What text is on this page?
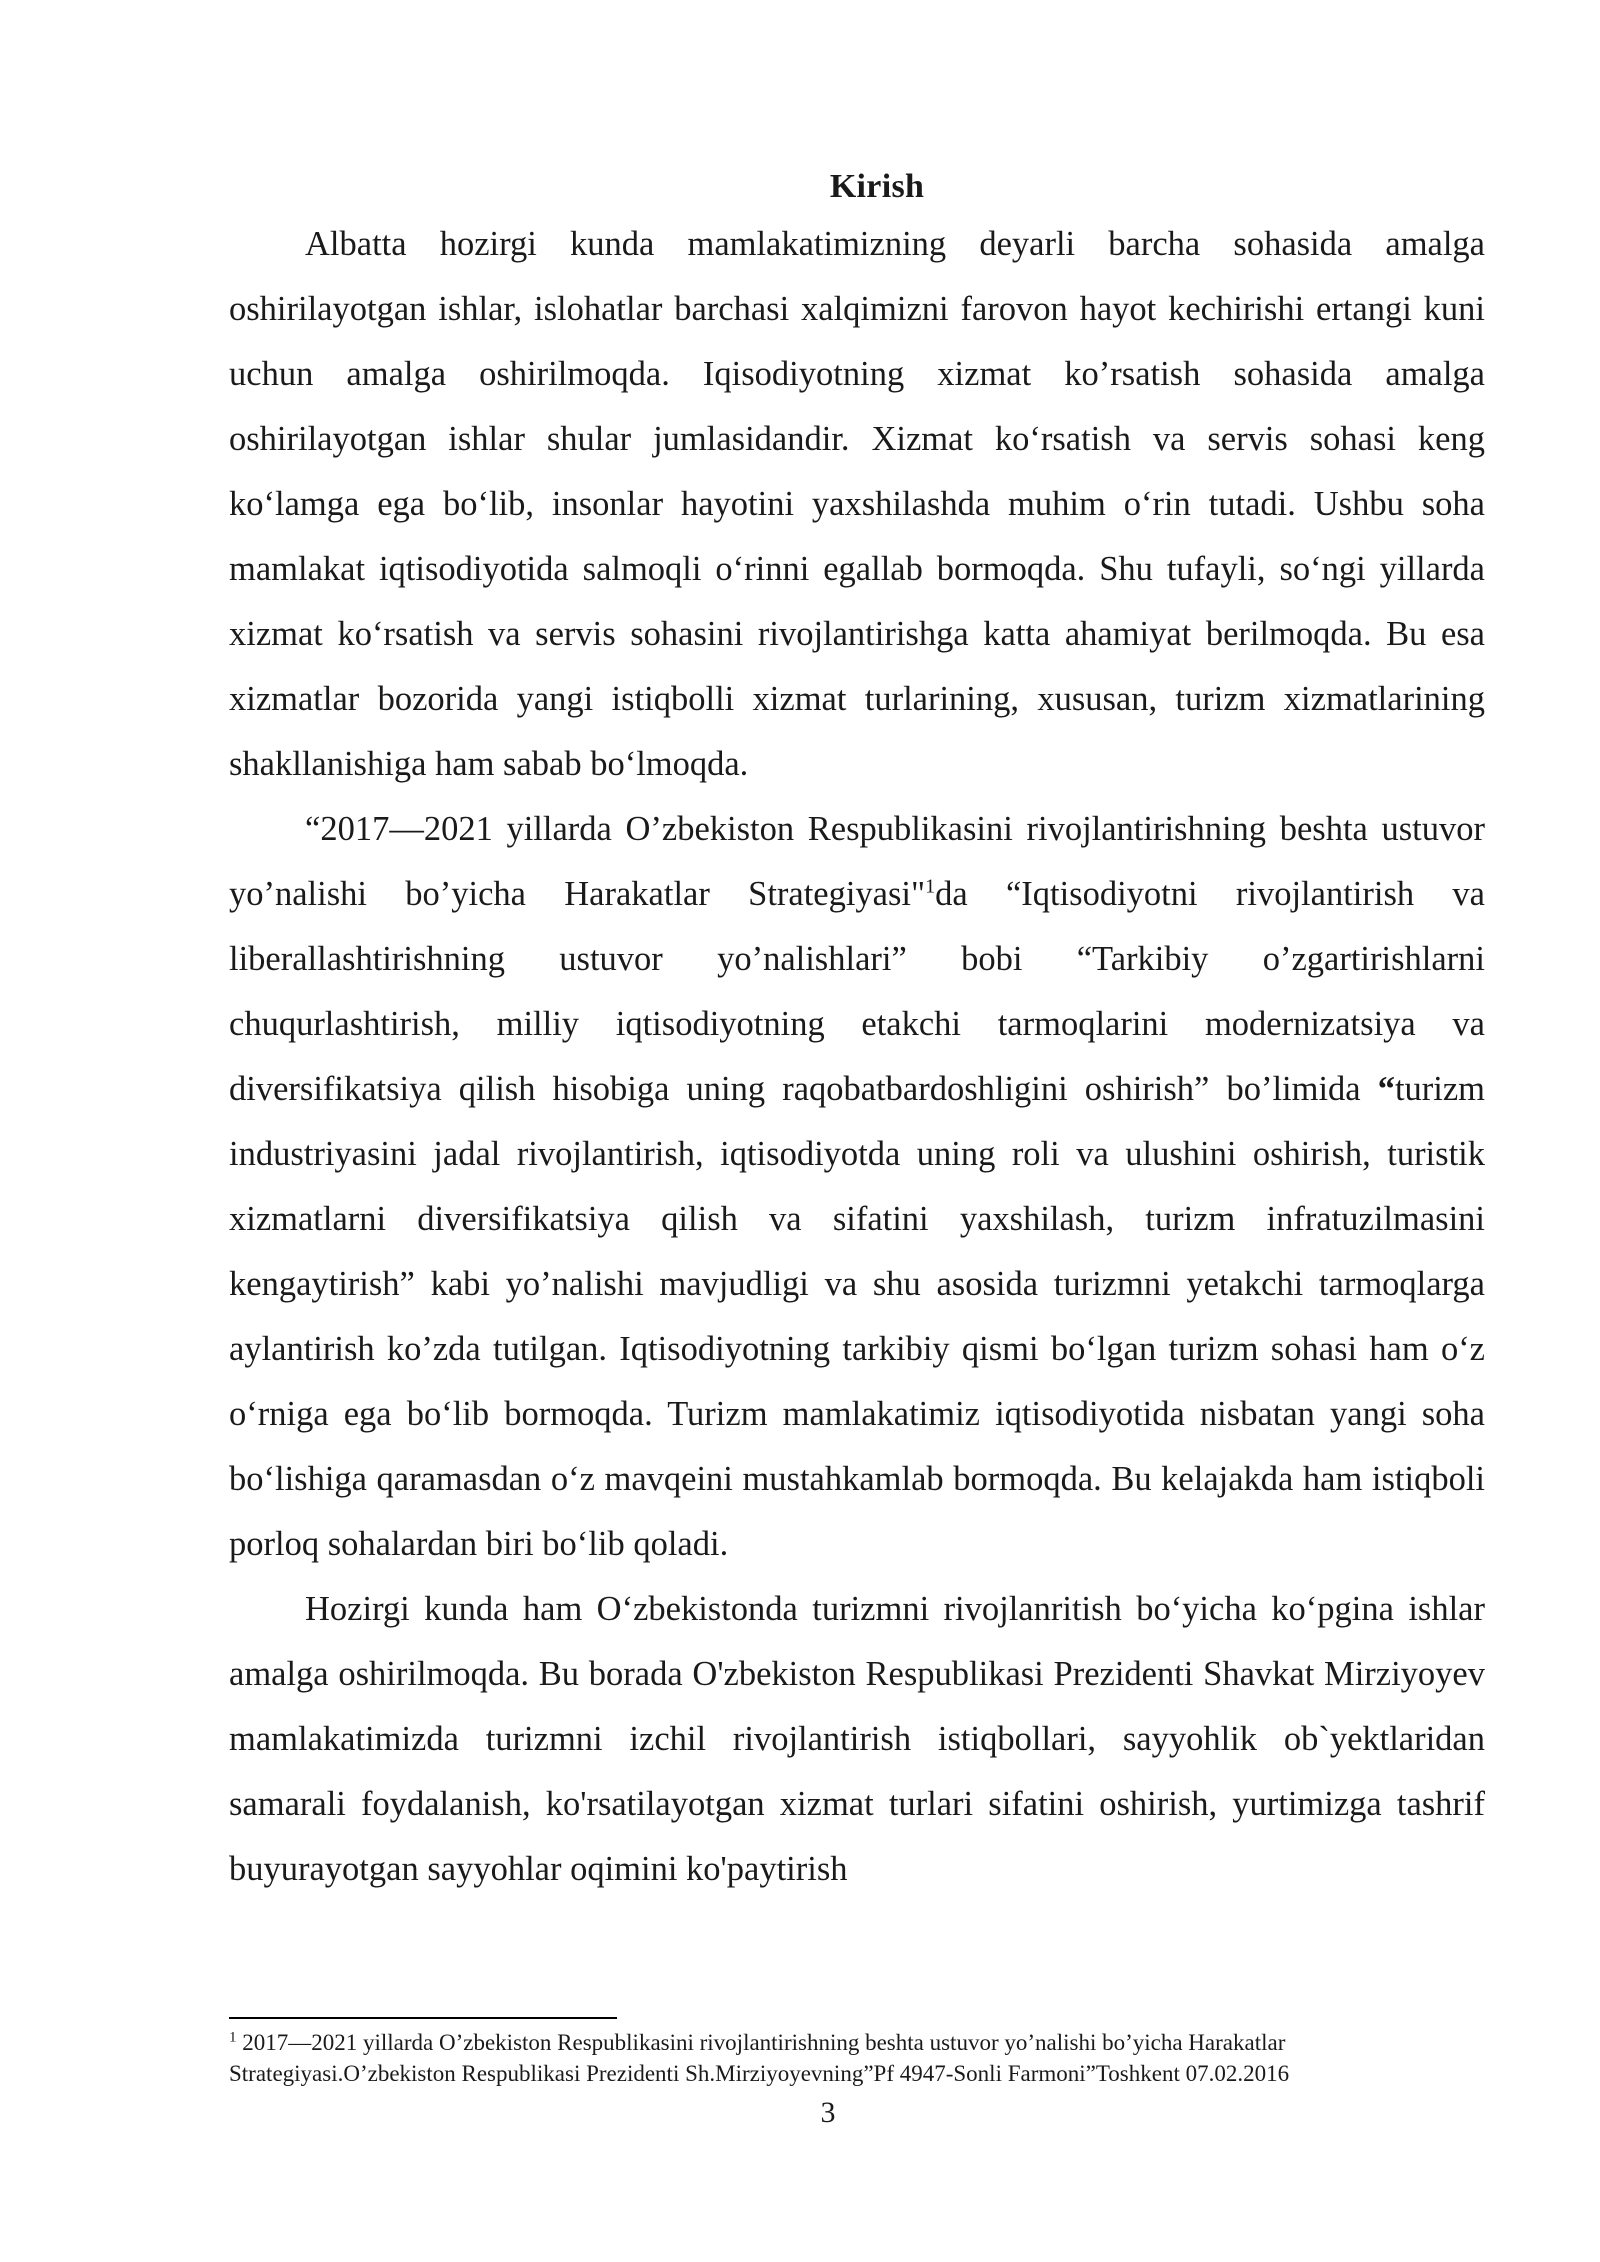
Kirish

Albatta hozirgi kunda mamlakatimizning deyarli barcha sohasida amalga oshirilayotgan ishlar, islohatlar barchasi xalqimizni farovon hayot kechirishi ertangi kuni uchun amalga oshirilmoqda. Iqisodiyotning xizmat ko’rsatish sohasida amalga oshirilayotgan ishlar shular jumlasidandir. Xizmat ko‘rsatish va servis sohasi keng ko‘lamga ega bo‘lib, insonlar hayotini yaxshilashda muhim o‘rin tutadi. Ushbu soha mamlakat iqtisodiyotida salmoqli o‘rinni egallab bormoqda. Shu tufayli, so‘ngi yillarda xizmat ko‘rsatish va servis sohasini rivojlantirishga katta ahamiyat berilmoqda. Bu esa xizmatlar bozorida yangi istiqbolli xizmat turlarining, xususan, turizm xizmatlarining shakllanishiga ham sabab bo‘lmoqda.

“2017—2021 yillarda O’zbekiston Respublikasini rivojlantirishning beshta ustuvor yo’nalishi bo’yicha Harakatlar Strategiyasi"$^1$da “Iqtisodiyotni rivojlantirish va liberallashtirishning ustuvor yo’nalishlari” bobi “Tarkibiy o’zgartirishlarni chuqurlashtirish, milliy iqtisodiyotning etakchi tarmoqlarini modernizatsiya va diversifikatsiya qilish hisobiga uning raqobatbardoshligini oshirish” bo’limida “turizm industriyasini jadal rivojlantirish, iqtisodiyotda uning roli va ulushini oshirish, turistik xizmatlarni diversifikatsiya qilish va sifatini yaxshilash, turizm infratuzilmasini kengaytirish” kabi yo’nalishi mavjudligi va shu asosida turizmni yetakchi tarmoqlarga aylantirish ko’zda tutilgan. Iqtisodiyotning tarkibiy qismi bo‘lgan turizm sohasi ham o‘z o‘rniga ega bo‘lib bormoqda. Turizm mamlakatimiz iqtisodiyotida nisbatan yangi soha bo‘lishiga qaramasdan o‘z mavqeini mustahkamlab bormoqda. Bu kelajakda ham istiqboli porloq sohalardan biri bo‘lib qoladi.

Hozirgi kunda ham O‘zbekistonda turizmni rivojlanritish bo‘yicha ko‘pgina ishlar amalga oshirilmoqda. Bu borada O'zbekiston Respublikasi Prezidenti Shavkat Mirziyoyev mamlakatimizda turizmni izchil rivojlantirish istiqbollari, sayyohlik ob`yektlaridan samarali foydalanish, ko'rsatilayotgan xizmat turlari sifatini oshirish, yurtimizga tashrif buyurayotgan sayyohlar oqimini ko'paytirish

$^1$ 2017—2021 yillarda O’zbekiston Respublikasini rivojlantirishning beshta ustuvor yo’nalishi bo’yicha Harakatlar Strategiyasi.O’zbekiston Respublikasi Prezidenti Sh.Mirziyoyevning”Pf 4947-Sonli Farmoni”Toshkent 07.02.2016
3
